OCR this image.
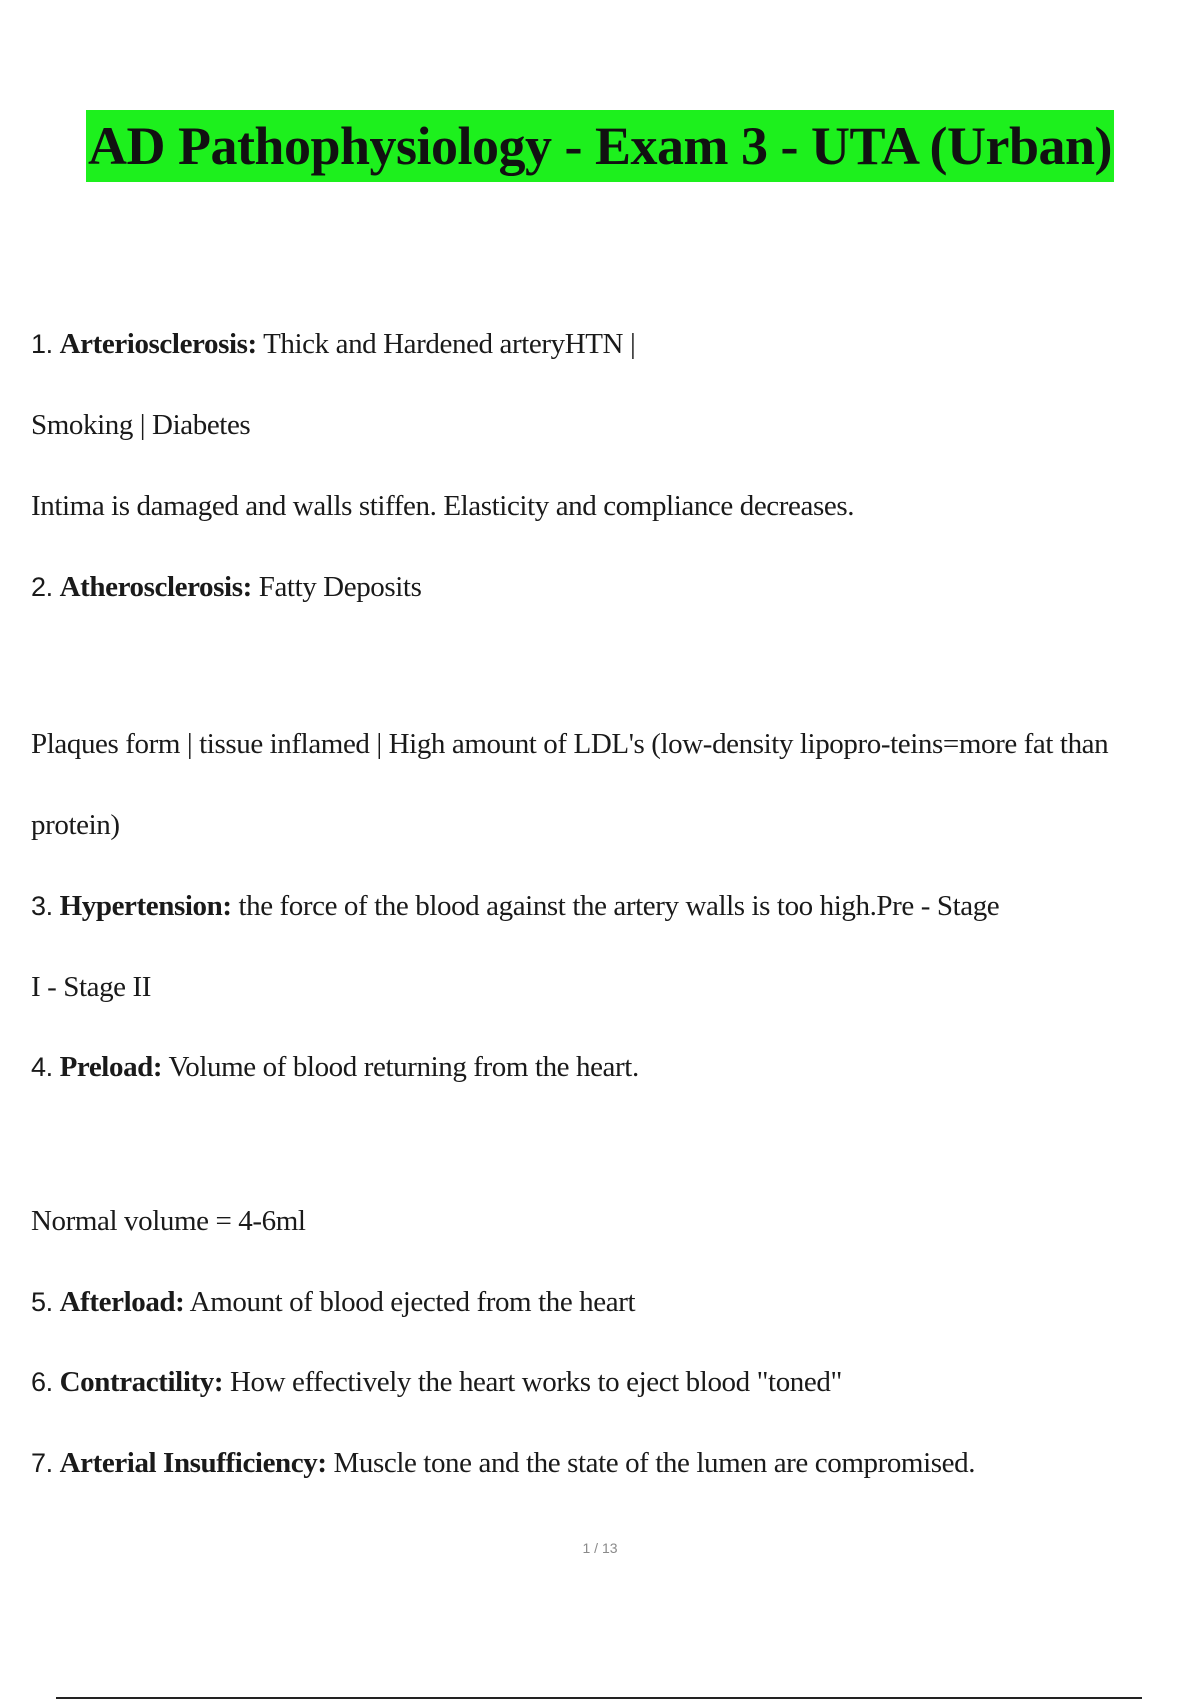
AD Pathophysiology - Exam 3 - UTA (Urban)
1. Arteriosclerosis: Thick and Hardened arteryHTN |
Smoking | Diabetes
Intima is damaged and walls stiffen. Elasticity and compliance decreases.
2. Atherosclerosis: Fatty Deposits
Plaques form | tissue inflamed | High amount of LDL's (low-density lipopro-teins=more fat than
protein)
3. Hypertension: the force of the blood against the artery walls is too high.Pre - Stage
I - Stage II
4. Preload: Volume of blood returning from the heart.
Normal volume = 4-6ml
5. Afterload: Amount of blood ejected from the heart
6. Contractility: How effectively the heart works to eject blood "toned"
7. Arterial Insufficiency: Muscle tone and the state of the lumen are compromised.
1 / 13
